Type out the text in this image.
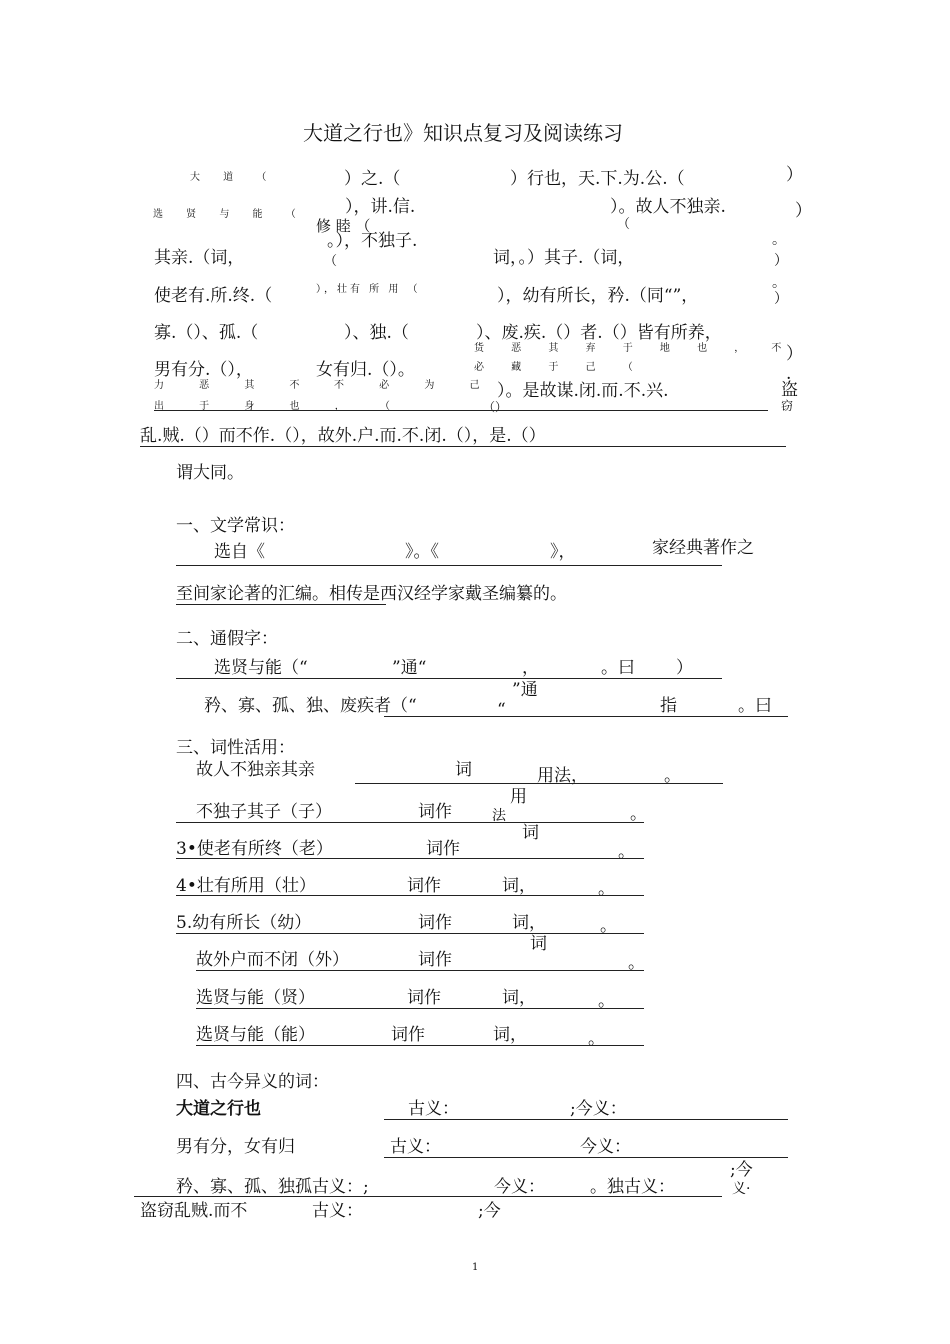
大道之行也》知识点复习及阅读练习
大 道 （	）之.（	）行也，天.下.为.公.（	）
选 贤 与 能 （ ），讲.信.	）。故人不独亲.	）
修 睦 （	（
。），不独子.
其亲.（词，	（	词，。）其子.（词，
。
）
使老有.所.终.（	），壮有 所 用 （	），幼有所长，矜.（同“”，
。
）
寡.（）、孤.（	）、独.（	）、废.疾.（）者.（）皆有所养，
男有分.（），	女有归.（）。
货 恶 其 弃 于 地 也 ， 不
）
.
力 恶 其 不 不 必 为 己
必 藏 于 己 （
）。是故谋.闭.而.不.兴.	盗
出 于 身 也 ， （	（）	窃
乱.贼.（）而不作.（），故外.户.而.不.闭.（），是.（）
谓大同。
一、文学常识：
选自《	》。《	》，	家经典著作之
至间家论著的汇编。相传是西汉经学家戴圣编纂的。
二、通假字：
选贤与能（“	”通“	，	。曰 ）
”通
矜、寡、孤、独、废疾者（“	“	指	。曰
三、词性活用：
故人不独亲其亲	词	用法，	。
用
不独子其子（子）	词作	法	。
词
3•使老有所终（老）	词作	。
4•壮有所用（壮）	词作	词，	。
5.幼有所长（幼）	词作	词，	。
词
故外户而不闭（外）	词作	。
选贤与能（贤）	词作	词，	。
选贤与能（能）	词作	词，	。
四、古今异义的词：
大道之行也	古义：	;今义：
男有分，女有归	古义：	今义：
矜、寡、孤、独孤古义：;	今义：	。独古义：
;今
义·
盗窃乱贼.而不	古义：	;今
1
